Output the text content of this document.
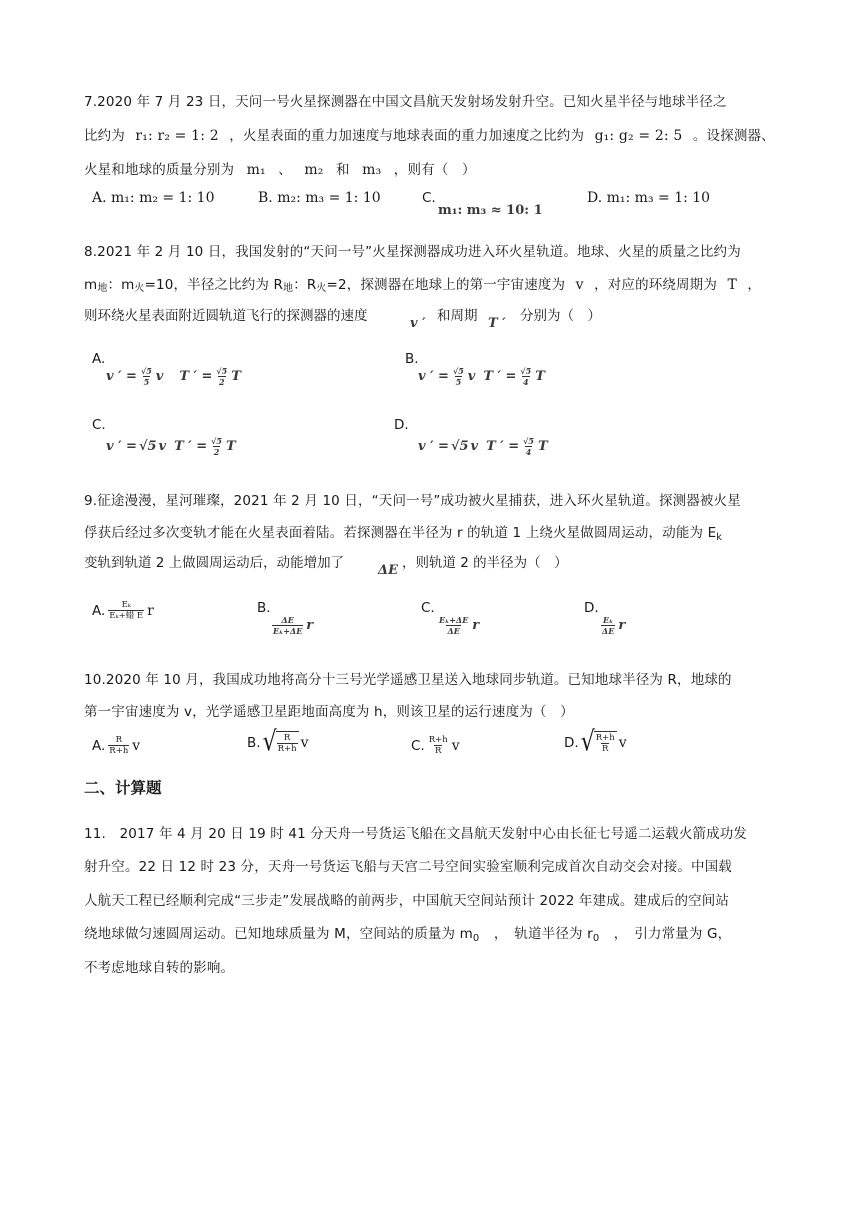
7.2020 年 7 月 23 日，天问一号火星探测器在中国文昌航天发射场发射升空。已知火星半径与地球半径之
比约为 r₁: r₂ = 1: 2 ，火星表面的重力加速度与地球表面的重力加速度之比约为 g₁: g₂ = 2: 5 。设探测器、
火星和地球的质量分别为 m₁ 、 m₂ 和 m₃ ，则有（　）
A. m₁: m₂ = 1: 10	B. m₂: m₃ = 1: 10	C.
m₁: m₃ ≈ 10: 1
D. m₁: m₃ = 1: 10
8.2021 年 2 月 10 日，我国发射的“天问一号”火星探测器成功进入环火星轨道。地球、火星的质量之比约为
m地：m火=10，半径之比约为 R地：R火=2，探测器在地球上的第一宇宙速度为 v ，对应的环绕周期为 T ，
则环绕火星表面附近圆轨道飞行的探测器的速度	v ′ 和周期 T ′ 分别为（　）
A.
v ′ = $\frac{√5}{5}$ v T ′ = $\frac{√5}{2}$ T
B.
v ′ = $\frac{√5}{5}$ v T ′ = $\frac{√5}{4}$ T
C.
v ′ = √5 v T ′ = $\frac{√5}{2}$ T
D.
v ′ = √5 v T ′ = $\frac{√5}{4}$ T
9.征途漫漫，星河璀璨，2021 年 2 月 10 日，“天问一号”成功被火星捕获，进入环火星轨道。探测器被火星
俘获后经过多次变轨才能在火星表面着陆。若探测器在半径为 r 的轨道 1 上绕火星做圆周运动，动能为 $E_k$
变轨到轨道 2 上做圆周运动后，动能增加了	ΔE ，则轨道 2 的半径为（　）
A. $\frac{\text{Eₖ}}{\text{Eₖ+蜡 E}}$ r	B.
$\frac{\Delta E}{\text{Eₖ+ΔE}}$ r
C.
$\frac{\text{Eₖ+ΔE}}{\Delta E}$ r
D.
$\frac{\text{Eₖ}}{\Delta E}$ r
10.2020 年 10 月，我国成功地将高分十三号光学遥感卫星送入地球同步轨道。已知地球半径为 R，地球的
第一宇宙速度为 v，光学遥感卫星距地面高度为 h，则该卫星的运行速度为（　）
A. $\frac{R}{R+h}$ v	B. √ $\frac{R}{R+h}$ v	C. $\frac{R+h}{R}$ v	D. √ $\frac{R+h}{R}$ v
二、计算题
11.　2017 年 4 月 20 日 19 时 41 分天舟一号货运飞船在文昌航天发射中心由长征七号遥二运载火箭成功发
射升空。22 日 12 时 23 分，天舟一号货运飞船与天宫二号空间实验室顺利完成首次自动交会对接。中国载
人航天工程已经顺利完成“三步走”发展战略的前两步，中国航天空间站预计 2022 年建成。建成后的空间站
绕地球做匀速圆周运动。已知地球质量为 M，空间站的质量为 $m_0$ ，　轨道半径为 $r_0$ ，　引力常量为 G，
不考虑地球自转的影响。
